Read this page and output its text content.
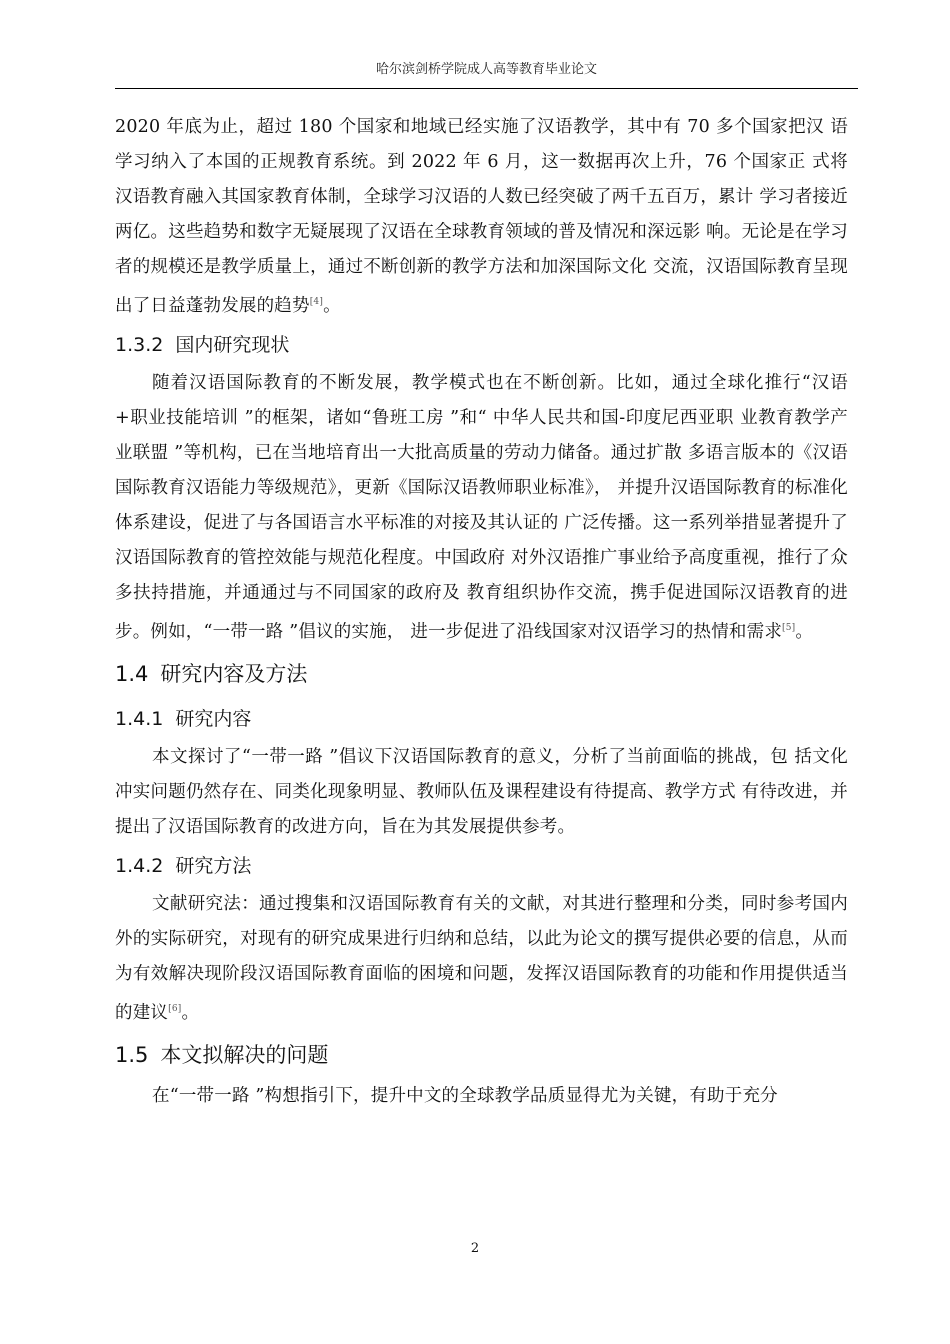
哈尔滨剑桥学院成人高等教育毕业论文

2020 年底为止，超过 180 个国家和地域已经实施了汉语教学，其中有 70 多个国家把汉 语学习纳入了本国的正规教育系统。到 2022 年 6 月，这一数据再次上升，76 个国家正 式将汉语教育融入其国家教育体制，全球学习汉语的人数已经突破了两千五百万，累计 学习者接近两亿。这些趋势和数字无疑展现了汉语在全球教育领域的普及情况和深远影 响。无论是在学习者的规模还是教学质量上，通过不断创新的教学方法和加深国际文化 交流，汉语国际教育呈现出了日益蓬勃发展的趋势[4]。

1.3.2 国内研究现状

随着汉语国际教育的不断发展，教学模式也在不断创新。比如，通过全球化推行“汉语+职业技能培训 ”的框架，诸如“鲁班工房 ”和“ 中华人民共和国-印度尼西亚职 业教育教学产业联盟 ”等机构，已在当地培育出一大批高质量的劳动力储备。通过扩散 多语言版本的《汉语国际教育汉语能力等级规范》，更新《国际汉语教师职业标准》， 并提升汉语国际教育的标准化体系建设，促进了与各国语言水平标准的对接及其认证的 广泛传播。这一系列举措显著提升了汉语国际教育的管控效能与规范化程度。中国政府 对外汉语推广事业给予高度重视，推行了众多扶持措施，并通通过与不同国家的政府及 教育组织协作交流，携手促进国际汉语教育的进步。例如，“一带一路 ”倡议的实施， 进一步促进了沿线国家对汉语学习的热情和需求[5]。

1.4 研究内容及方法
1.4.1 研究内容

本文探讨了“一带一路 ”倡议下汉语国际教育的意义，分析了当前面临的挑战，包 括文化冲实问题仍然存在、同类化现象明显、教师队伍及课程建设有待提高、教学方式 有待改进，并提出了汉语国际教育的改进方向，旨在为其发展提供参考。

1.4.2 研究方法

文献研究法：通过搜集和汉语国际教育有关的文献，对其进行整理和分类，同时参考国内外的实际研究，对现有的研究成果进行归纳和总结，以此为论文的撰写提供必要的信息，从而为有效解决现阶段汉语国际教育面临的困境和问题，发挥汉语国际教育的功能和作用提供适当的建议[6]。

1.5 本文拟解决的问题

在“一带一路 ”构想指引下，提升中文的全球教学品质显得尤为关键，有助于充分

2
